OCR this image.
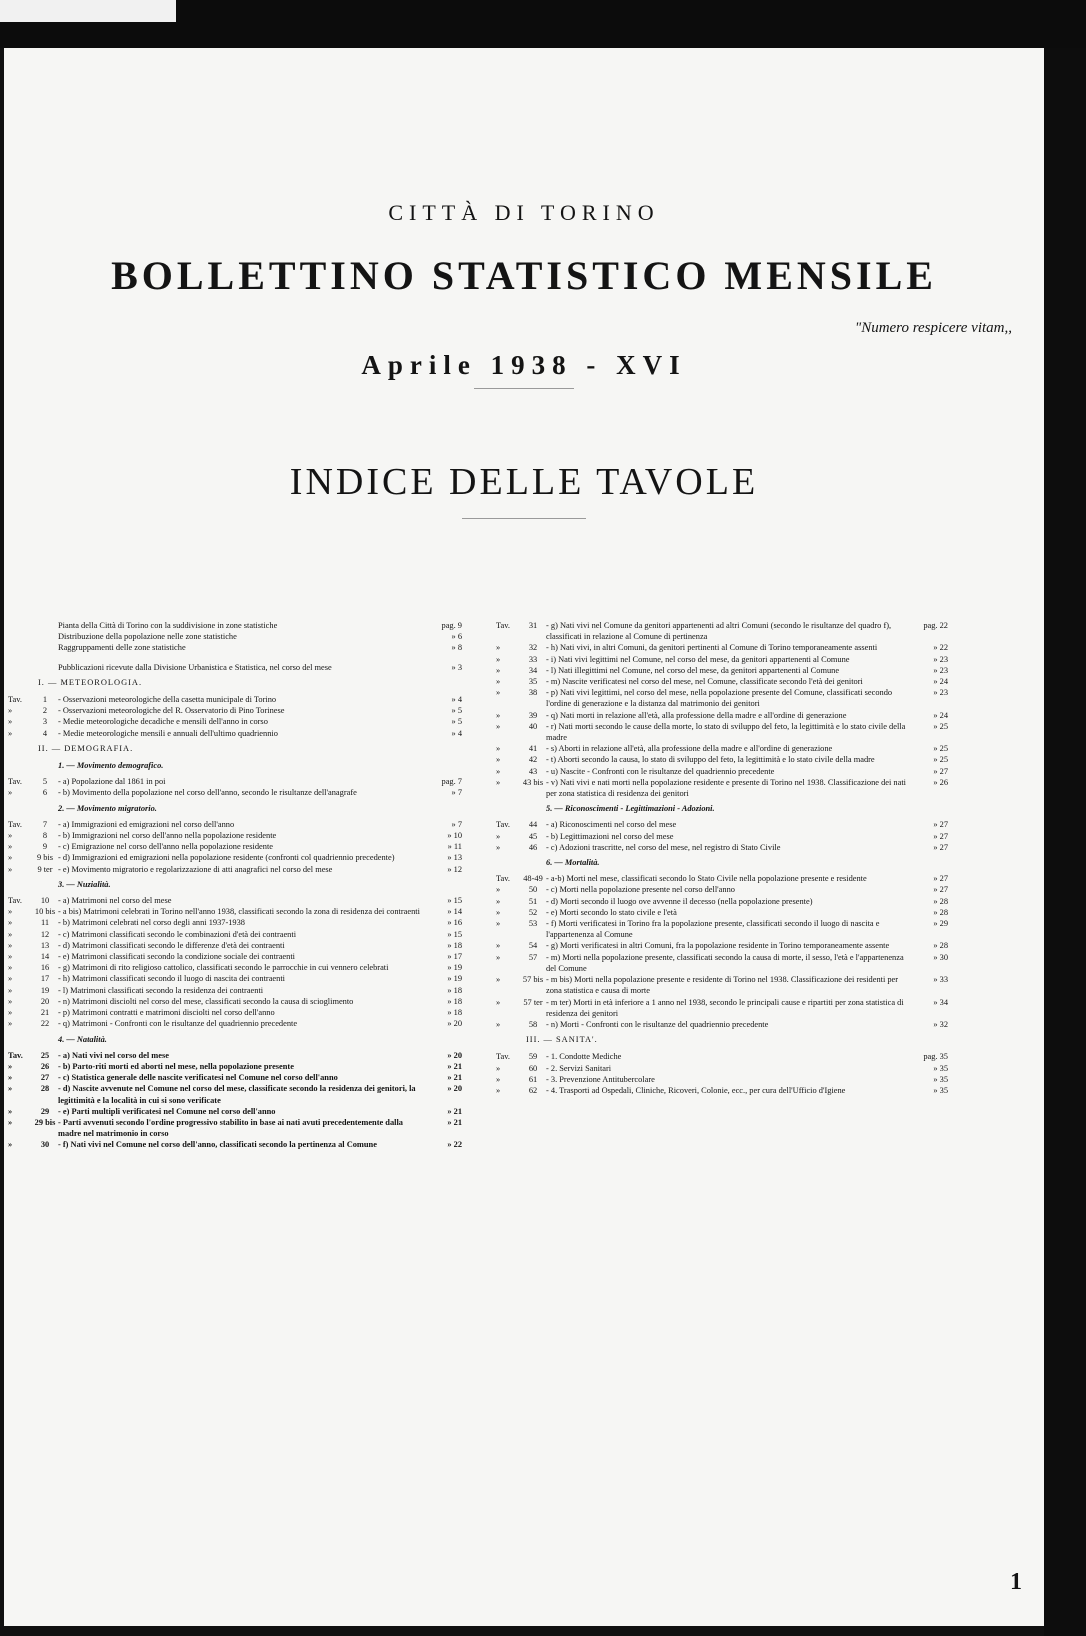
CITTÀ DI TORINO
BOLLETTINO STATISTICO MENSILE
"Numero respicere vitam,,
Aprile 1938 - XVI
INDICE DELLE TAVOLE
Pianta della Città di Torino con la suddivisione in zone statistiche	pag. 9
Distribuzione della popolazione nelle zone statistiche	» 6
Raggruppamenti delle zone statistiche	» 8
Pubblicazioni ricevute dalla Divisione Urbanistica e Statistica, nel corso del mese	» 3
I. — METEOROLOGIA.
Tav.	1	- Osservazioni meteorologiche della casetta municipale di Torino	» 4
»	2	- Osservazioni meteorologiche del R. Osservatorio di Pino Torinese	» 5
»	3	- Medie meteorologiche decadiche e mensili dell'anno in corso	» 5
»	4	- Medie meteorologiche mensili e annuali dell'ultimo quadriennio	» 4
II. — DEMOGRAFIA.
1. — Movimento demografico.
Tav.	5	- a) Popolazione dal 1861 in poi	pag. 7
»	6	- b) Movimento della popolazione nel corso dell'anno, secondo le risultanze dell'anagrafe	» 7
2. — Movimento migratorio.
Tav.	7	- a) Immigrazioni ed emigrazioni nel corso dell'anno	» 7
»	8	- b) Immigrazioni nel corso dell'anno nella popolazione residente	» 10
»	9	- c) Emigrazione nel corso dell'anno nella popolazione residente	» 11
»	9 bis - d) Immigrazioni ed emigrazioni nella popolazione residente (confronti col quadriennio precedente)	» 13
»	9 ter - e) Movimento migratorio e regolarizzazione di atti anagrafici nel corso del mese	» 12
3. — Nuzialità.
Tav.	10	- a) Matrimoni nel corso del mese	» 15
»	10 bis - a bis) Matrimoni celebrati in Torino nell'anno 1938, classificati secondo la zona di residenza dei contraenti	» 14
»	11	- b) Matrimoni celebrati nel corso degli anni 1937-1938	» 16
»	12	- c) Matrimoni classificati secondo le combinazioni d'età dei contraenti	» 15
»	13	- d) Matrimoni classificati secondo le differenze d'età dei contraenti	» 18
»	14	- e) Matrimoni classificati secondo la condizione sociale dei contraenti	» 17
»	16	- g) Matrimoni di rito religioso cattolico, classificati secondo le parrocchie in cui vennero celebrati	» 19
»	17	- h) Matrimoni classificati secondo il luogo di nascita dei contraenti	» 19
»	19	- l) Matrimoni classificati secondo la residenza dei contraenti	» 18
»	20	- n) Matrimoni disciolti nel corso del mese, classificati secondo la causa di scioglimento	» 18
»	21	- p) Matrimoni contratti e matrimoni disciolti nel corso dell'anno	» 18
»	22	- q) Matrimoni - Confronti con le risultanze del quadriennio precedente	» 20
4. — Natalità.
Tav.	25	- a) Nati vivi nel corso del mese	» 20
»	26	- b) Parto-riti morti ed aborti nel mese, nella popolazione presente	» 21
»	27	- c) Statistica generale delle nascite verificatesi nel Comune nel corso dell'anno	» 21
»	28	- d) Nascite avvenute nel Comune nel corso del mese, classificate secondo la residenza dei genitori, la legittimità e la località in cui si sono verificate
» 20
»	29	- e) Parti multipli verificatesi nel Comune nel corso dell'anno	» 21
»	29 bis - Parti avvenuti secondo l'ordine progressivo stabilito in base ai nati avuti precedentemente dalla madre nel matrimonio in corso
» 21
»	30	- f) Nati vivi nel Comune nel corso dell'anno, classificati secondo la pertinenza al Comune	» 22
Tav.	31	- g) Nati vivi nel Comune da genitori appartenenti ad altri Comuni (secondo le risultanze del quadro f), classificati in relazione al Comune di pertinenza
pag. 22
»	32	- h) Nati vivi, in altri Comuni, da genitori pertinenti al Comune di Torino temporaneamente assenti	» 22
»	33	- i) Nati vivi legittimi nel Comune, nel corso del mese, da genitori appartenenti al Comune	» 23
»	34	- l) Nati illegittimi nel Comune, nel corso del mese, da genitori appartenenti al Comune	» 23
»	35	- m) Nascite verificatesi nel corso del mese, nel Comune, classificate secondo l'età dei genitori	» 24
»	38	- p) Nati vivi legittimi, nel corso del mese, nella popolazione presente del Comune, classificati secondo l'ordine di generazione e la distanza dal matrimonio dei genitori
» 23
»	39	- q) Nati morti in relazione all'età, alla professione della madre e all'ordine di generazione	» 24
»	40	- r) Nati morti secondo le cause della morte, lo stato di sviluppo del feto, la legittimità e lo stato civile della madre
» 25
»	41	- s) Aborti in relazione all'età, alla professione della madre e all'ordine di generazione	» 25
»	42	- t) Aborti secondo la causa, lo stato di sviluppo del feto, la legittimità e lo stato civile della madre	» 25
»	43	- u) Nascite - Confronti con le risultanze del quadriennio precedente	» 27
»	43 bis - v) Nati vivi e nati morti nella popolazione residente e presente di Torino nel 1938. Classificazione dei nati per zona statistica di residenza dei genitori
» 26
5. — Riconoscimenti - Legittimazioni - Adozioni.
Tav.	44	- a) Riconoscimenti nel corso del mese	» 27
»	45	- b) Legittimazioni nel corso del mese	» 27
»	46	- c) Adozioni trascritte, nel corso del mese, nel registro di Stato Civile	» 27
6. — Mortalità.
Tav.	48-49 - a-b) Morti nel mese, classificati secondo lo Stato Civile nella popolazione presente e residente	» 27
»	50	- c) Morti nella popolazione presente nel corso dell'anno	» 27
»	51	- d) Morti secondo il luogo ove avvenne il decesso (nella popolazione presente)	» 28
»	52	- e) Morti secondo lo stato civile e l'età	» 28
»	53	- f) Morti verificatesi in Torino fra la popolazione presente, classificati secondo il luogo di nascita e l'appartenenza al Comune
» 29
»	54	- g) Morti verificatesi in altri Comuni, fra la popolazione residente in Torino temporaneamente assente	» 28
»	57	- m) Morti nella popolazione presente, classificati secondo la causa di morte, il sesso, l'età e l'appartenenza del Comune
» 30
»	57 bis - m bis) Morti nella popolazione presente e residente di Torino nel 1938. Classificazione dei residenti per zona statistica e causa di morte
» 33
»	57 ter - m ter) Morti in età inferiore a 1 anno nel 1938, secondo le principali cause e ripartiti per zona statistica di residenza dei genitori
» 34
»	58	- n) Morti - Confronti con le risultanze del quadriennio precedente	» 32
III. — SANITA'.
Tav.	59	- 1. Condotte Mediche	pag. 35
»	60	- 2. Servizi Sanitari	» 35
»	61	- 3. Prevenzione Antitubercolare	» 35
»	62	- 4. Trasporti ad Ospedali, Cliniche, Ricoveri, Colonie, ecc., per cura dell'Ufficio d'Igiene	» 35
1
